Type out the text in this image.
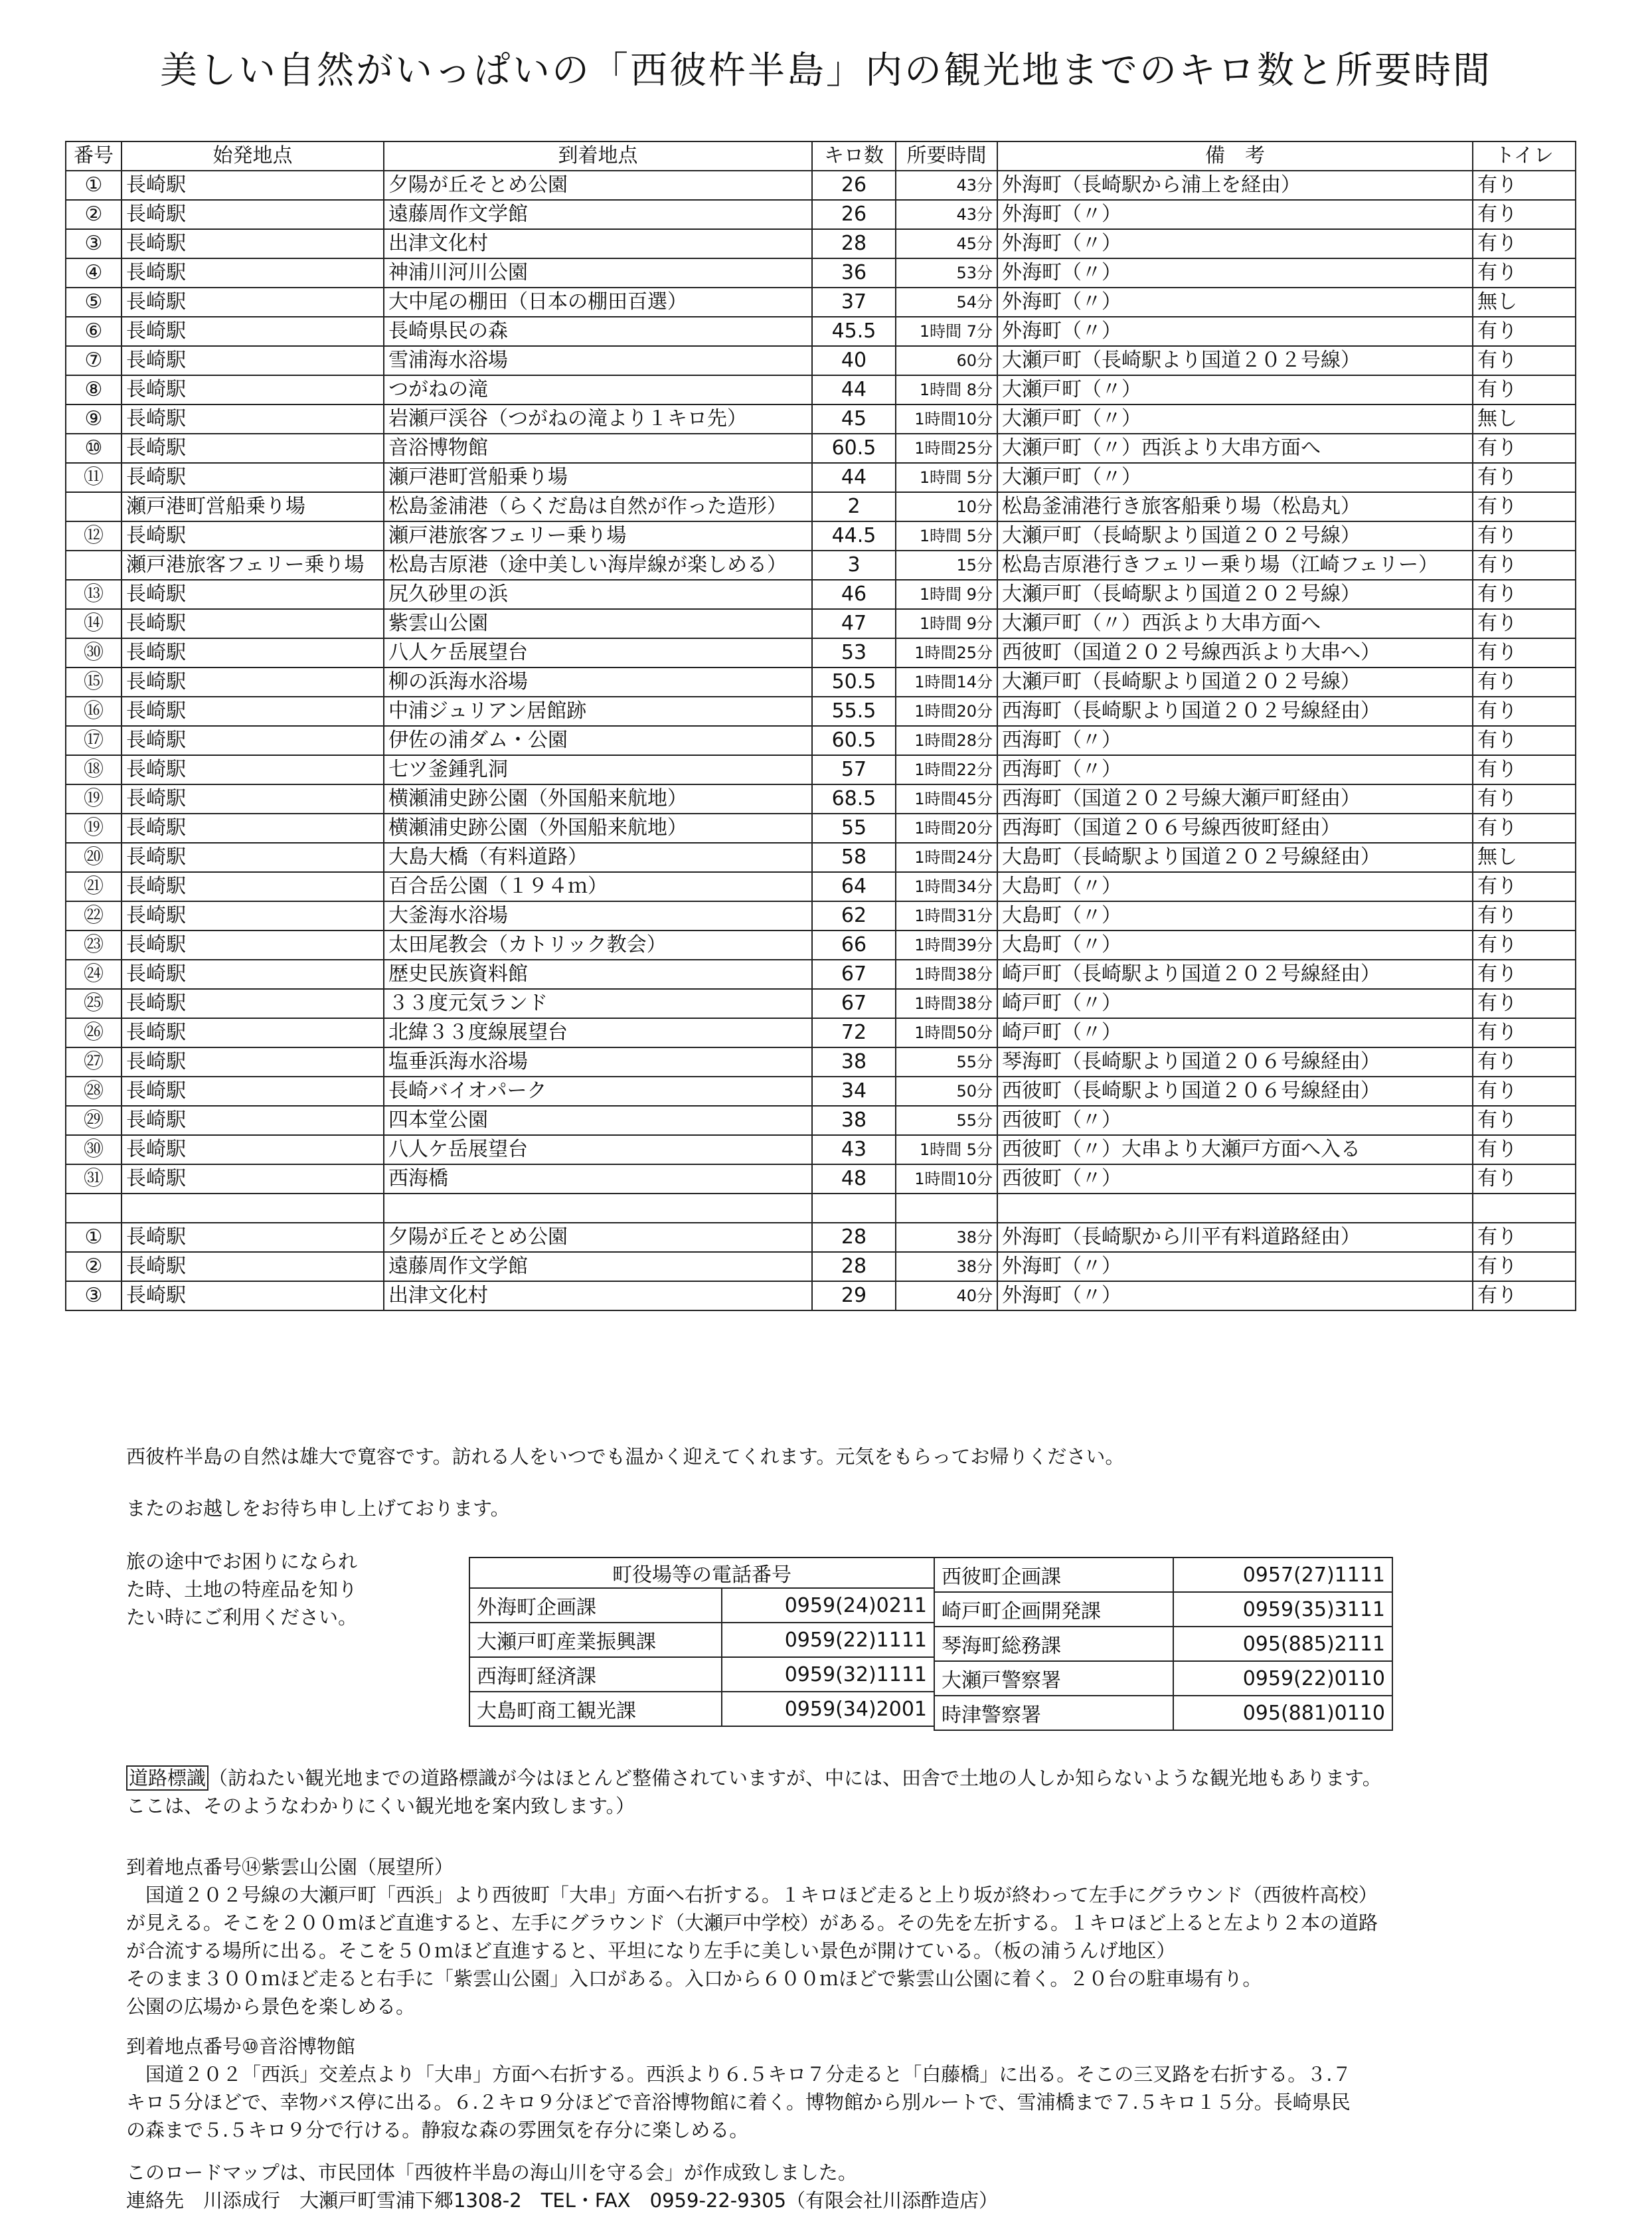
美しい自然がいっぱいの「西彼杵半島」内の観光地までのキロ数と所要時間
番号	始発地点	到着地点	キロ数	所要時間	備　考	トイレ
①	長崎駅	夕陽が丘そとめ公園	26	43分	外海町（長崎駅から浦上を経由）	有り
②	長崎駅	遠藤周作文学館	26	43分	外海町（〃）	有り
③	長崎駅	出津文化村	28	45分	外海町（〃）	有り
④	長崎駅	神浦川河川公園	36	53分	外海町（〃）	有り
⑤	長崎駅	大中尾の棚田（日本の棚田百選）	37	54分	外海町（〃）	無し
⑥	長崎駅	長崎県民の森	45.5	1時間 7分	外海町（〃）	有り
⑦	長崎駅	雪浦海水浴場	40	60分	大瀬戸町（長崎駅より国道２０２号線）	有り
⑧	長崎駅	つがねの滝	44	1時間 8分	大瀬戸町（〃）	有り
⑨	長崎駅	岩瀬戸渓谷（つがねの滝より１キロ先）	45	1時間10分	大瀬戸町（〃）	無し
⑩	長崎駅	音浴博物館	60.5	1時間25分	大瀬戸町（〃）西浜より大串方面へ	有り
⑪	長崎駅	瀬戸港町営船乗り場	44	1時間 5分	大瀬戸町（〃）	有り
	瀬戸港町営船乗り場	松島釜浦港（らくだ島は自然が作った造形）	2	10分	松島釜浦港行き旅客船乗り場（松島丸）	有り
⑫	長崎駅	瀬戸港旅客フェリー乗り場	44.5	1時間 5分	大瀬戸町（長崎駅より国道２０２号線）	有り
	瀬戸港旅客フェリー乗り場	松島吉原港（途中美しい海岸線が楽しめる）	3	15分	松島吉原港行きフェリー乗り場（江崎フェリー）	有り
⑬	長崎駅	尻久砂里の浜	46	1時間 9分	大瀬戸町（長崎駅より国道２０２号線）	有り
⑭	長崎駅	紫雲山公園	47	1時間 9分	大瀬戸町（〃）西浜より大串方面へ	有り
㉚	長崎駅	八人ケ岳展望台	53	1時間25分	西彼町（国道２０２号線西浜より大串へ）	有り
⑮	長崎駅	柳の浜海水浴場	50.5	1時間14分	大瀬戸町（長崎駅より国道２０２号線）	有り
⑯	長崎駅	中浦ジュリアン居館跡	55.5	1時間20分	西海町（長崎駅より国道２０２号線経由）	有り
⑰	長崎駅	伊佐の浦ダム・公園	60.5	1時間28分	西海町（〃）	有り
⑱	長崎駅	七ツ釜鍾乳洞	57	1時間22分	西海町（〃）	有り
⑲	長崎駅	横瀬浦史跡公園（外国船来航地）	68.5	1時間45分	西海町（国道２０２号線大瀬戸町経由）	有り
⑲	長崎駅	横瀬浦史跡公園（外国船来航地）	55	1時間20分	西海町（国道２０６号線西彼町経由）	有り
⑳	長崎駅	大島大橋（有料道路）	58	1時間24分	大島町（長崎駅より国道２０２号線経由）	無し
㉑	長崎駅	百合岳公園（１９４ｍ）	64	1時間34分	大島町（〃）	有り
㉒	長崎駅	大釜海水浴場	62	1時間31分	大島町（〃）	有り
㉓	長崎駅	太田尾教会（カトリック教会）	66	1時間39分	大島町（〃）	有り
㉔	長崎駅	歴史民族資料館	67	1時間38分	崎戸町（長崎駅より国道２０２号線経由）	有り
㉕	長崎駅	３３度元気ランド	67	1時間38分	崎戸町（〃）	有り
㉖	長崎駅	北緯３３度線展望台	72	1時間50分	崎戸町（〃）	有り
㉗	長崎駅	塩垂浜海水浴場	38	55分	琴海町（長崎駅より国道２０６号線経由）	有り
㉘	長崎駅	長崎バイオパーク	34	50分	西彼町（長崎駅より国道２０６号線経由）	有り
㉙	長崎駅	四本堂公園	38	55分	西彼町（〃）	有り
㉚	長崎駅	八人ケ岳展望台	43	1時間 5分	西彼町（〃）大串より大瀬戸方面へ入る	有り
㉛	長崎駅	西海橋	48	1時間10分	西彼町（〃）	有り

①	長崎駅	夕陽が丘そとめ公園	28	38分	外海町（長崎駅から川平有料道路経由）	有り
②	長崎駅	遠藤周作文学館	28	38分	外海町（〃）	有り
③	長崎駅	出津文化村	29	40分	外海町（〃）	有り
西彼杵半島の自然は雄大で寛容です。訪れる人をいつでも温かく迎えてくれます。元気をもらってお帰りください。
またのお越しをお待ち申し上げております。
旅の途中でお困りになられ
た時、土地の特産品を知り
たい時にご利用ください。
町役場等の電話番号	
外海町企画課	0959(24)0211
大瀬戸町産業振興課	0959(22)1111
西海町経済課	0959(32)1111
大島町商工観光課	0959(34)2001
西彼町企画課	0957(27)1111
崎戸町企画開発課	0959(35)3111
琴海町総務課	095(885)2111
大瀬戸警察署	0959(22)0110
時津警察署	095(881)0110
道路標識 （訪ねたい観光地までの道路標識が今はほとんど整備されていますが、中には、田舎で土地の人しか知らないような観光地もあります。
ここは、そのようなわかりにくい観光地を案内致します。）
到着地点番号⑭紫雲山公園（展望所）
　国道２０２号線の大瀬戸町「西浜」より西彼町「大串」方面へ右折する。１キロほど走ると上り坂が終わって左手にグラウンド（西彼杵高校）
が見える。そこを２００ｍほど直進すると、左手にグラウンド（大瀬戸中学校）がある。その先を左折する。１キロほど上ると左より２本の道路
が合流する場所に出る。そこを５０ｍほど直進すると、平坦になり左手に美しい景色が開けている。（板の浦うんげ地区）
そのまま３００ｍほど走ると右手に「紫雲山公園」入口がある。入口から６００ｍほどで紫雲山公園に着く。２０台の駐車場有り。
公園の広場から景色を楽しめる。
到着地点番号⑩音浴博物館
　国道２０２「西浜」交差点より「大串」方面へ右折する。西浜より６.５キロ７分走ると「白藤橋」に出る。そこの三叉路を右折する。３.７
キロ５分ほどで、幸物バス停に出る。６.２キロ９分ほどで音浴博物館に着く。博物館から別ルートで、雪浦橋まで７.５キロ１５分。長崎県民
の森まで５.５キロ９分で行ける。静寂な森の雰囲気を存分に楽しめる。
このロードマップは、市民団体「西彼杵半島の海山川を守る会」が作成致しました。
連絡先　川添成行　大瀬戸町雪浦下郷1308-2　TEL・FAX　0959-22-9305（有限会社川添酢造店）
